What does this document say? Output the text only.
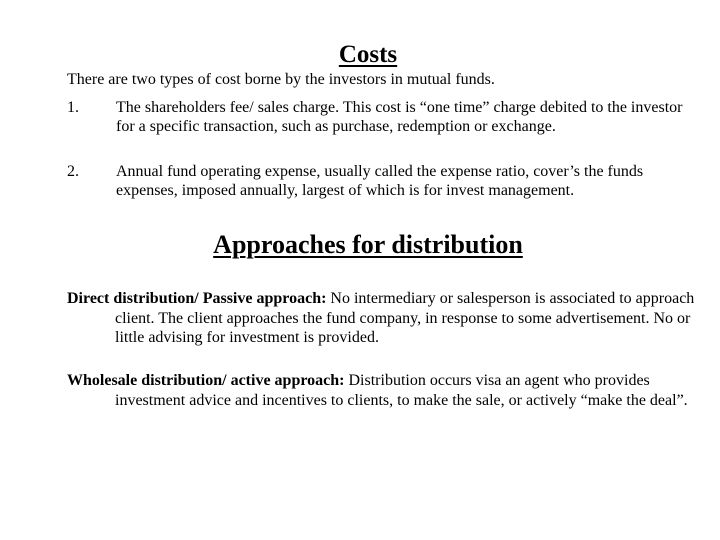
Costs
There are two types of cost borne by the investors in mutual funds.
1. The shareholders fee/ sales charge. This cost is “one time” charge debited to the investor for a specific transaction, such as purchase, redemption or exchange.
2. Annual fund operating expense, usually called the expense ratio, cover’s the funds expenses, imposed annually, largest of which is for invest management.
Approaches for distribution
Direct distribution/ Passive approach: No intermediary or salesperson is associated to approach client. The client approaches the fund company, in response to some advertisement. No or little advising for investment is provided.
Wholesale distribution/ active approach: Distribution occurs visa an agent who provides investment advice and incentives to clients, to make the sale, or actively “make the deal”.
